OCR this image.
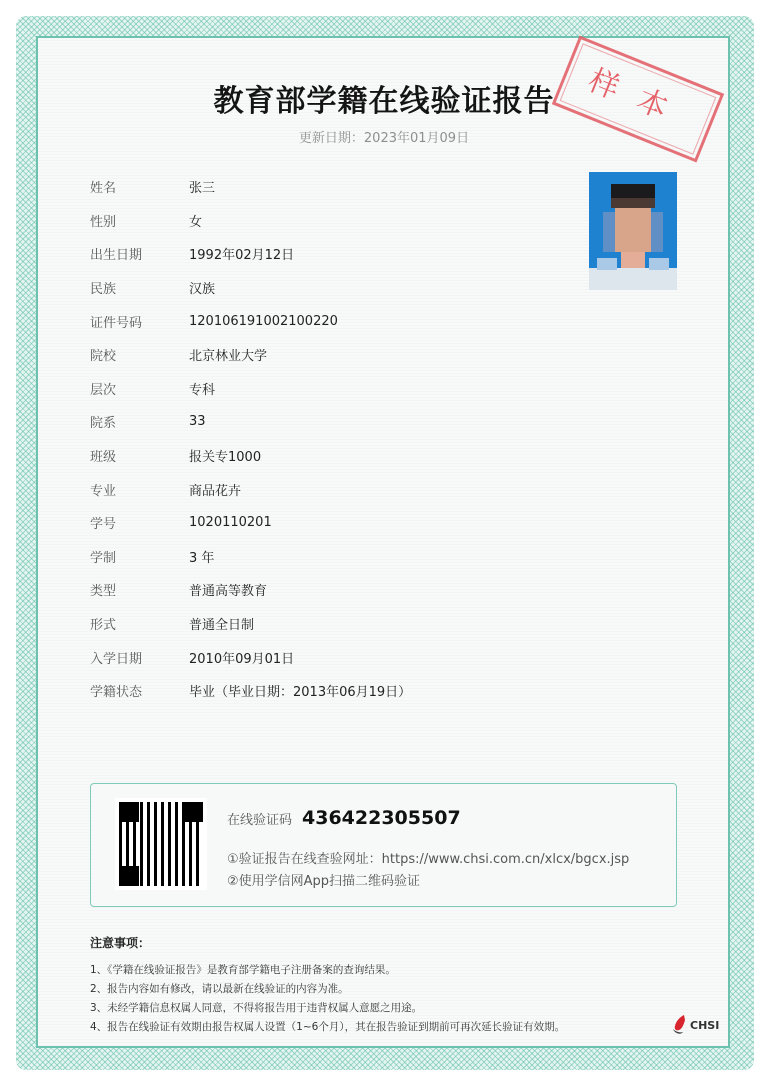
教育部学籍在线验证报告
更新日期：2023年01月09日
样本
姓名	张三
性别	女
出生日期	1992年02月12日
民族	汉族
证件号码	120106191002100220
院校	北京林业大学
层次	专科
院系	33
班级	报关专1000
专业	商品花卉
学号	1020110201
学制	3 年
类型	普通高等教育
形式	普通全日制
入学日期	2010年09月01日
学籍状态	毕业（毕业日期：2013年06月19日）
在线验证码 436422305507
①验证报告在线查验网址：https://www.chsi.com.cn/xlcx/bgcx.jsp
②使用学信网App扫描二维码验证
注意事项：
1、《学籍在线验证报告》是教育部学籍电子注册备案的查询结果。
2、报告内容如有修改，请以最新在线验证的内容为准。
3、未经学籍信息权属人同意，不得将报告用于违背权属人意愿之用途。
4、报告在线验证有效期由报告权属人设置（1~6个月），其在报告验证到期前可再次延长验证有效期。	CHSI
